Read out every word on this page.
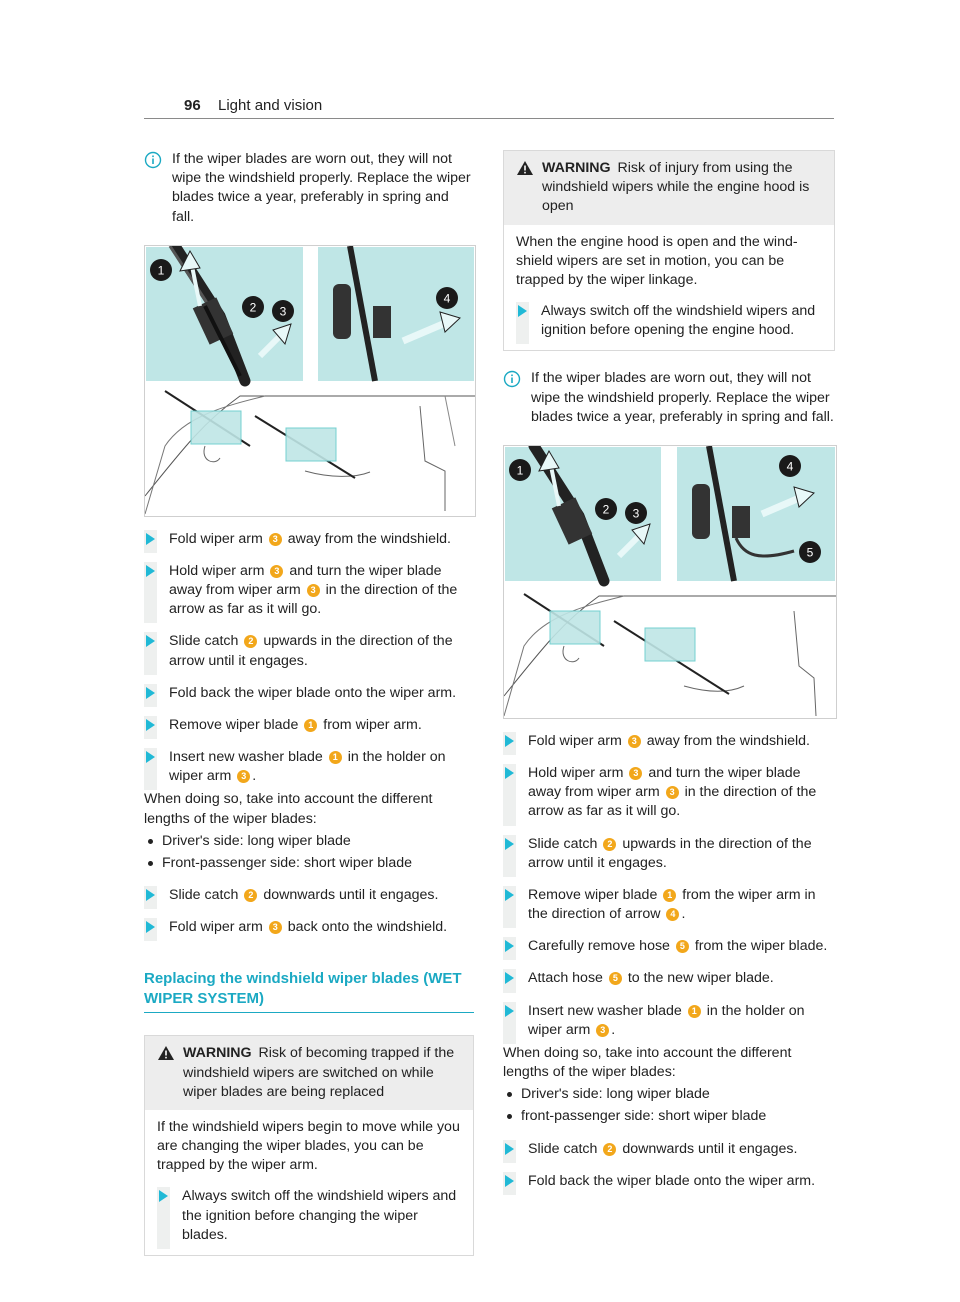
96 Light and vision
If the wiper blades are worn out, they will not wipe the windshield properly. Replace the wiper blades twice a year, preferably in spring and fall.
1
2 3
4
Fold wiper arm 3 away from the windshield.
Hold wiper arm 3 and turn the wiper blade away from wiper arm 3 in the direction of the arrow as far as it will go.
Slide catch 2 upwards in the direction of the arrow until it engages.
Fold back the wiper blade onto the wiper arm.
Remove wiper blade 1 from wiper arm.
Insert new washer blade 1 in the holder on wiper arm 3 .
When doing so, take into account the different lengths of the wiper blades:
Driver's side: long wiper blade
Front-passenger side: short wiper blade
Slide catch 2 downwards until it engages.
Fold wiper arm 3 back onto the windshield.
Replacing the windshield wiper blades (WET WIPER SYSTEM)
WARNING Risk of becoming trapped if the windshield wipers are switched on while wiper blades are being replaced
If the windshield wipers begin to move while you are changing the wiper blades, you can be trapped by the wiper arm.
Always switch off the windshield wipers and the ignition before changing the wiper blades.
WARNING Risk of injury from using the windshield wipers while the engine hood is open
When the engine hood is open and the wind-shield wipers are set in motion, you can be trapped by the wiper linkage.
Always switch off the windshield wipers and ignition before opening the engine hood.
If the wiper blades are worn out, they will not wipe the windshield properly. Replace the wiper blades twice a year, preferably in spring and fall.
1
2 3
4
5
Fold wiper arm 3 away from the windshield.
Hold wiper arm 3 and turn the wiper blade away from wiper arm 3 in the direction of the arrow as far as it will go.
Slide catch 2 upwards in the direction of the arrow until it engages.
Remove wiper blade 1 from the wiper arm in the direction of arrow 4 .
Carefully remove hose 5 from the wiper blade.
Attach hose 5 to the new wiper blade.
Insert new washer blade 1 in the holder on wiper arm 3 .
When doing so, take into account the different lengths of the wiper blades:
Driver's side: long wiper blade
front-passenger side: short wiper blade
Slide catch 2 downwards until it engages.
Fold back the wiper blade onto the wiper arm.
